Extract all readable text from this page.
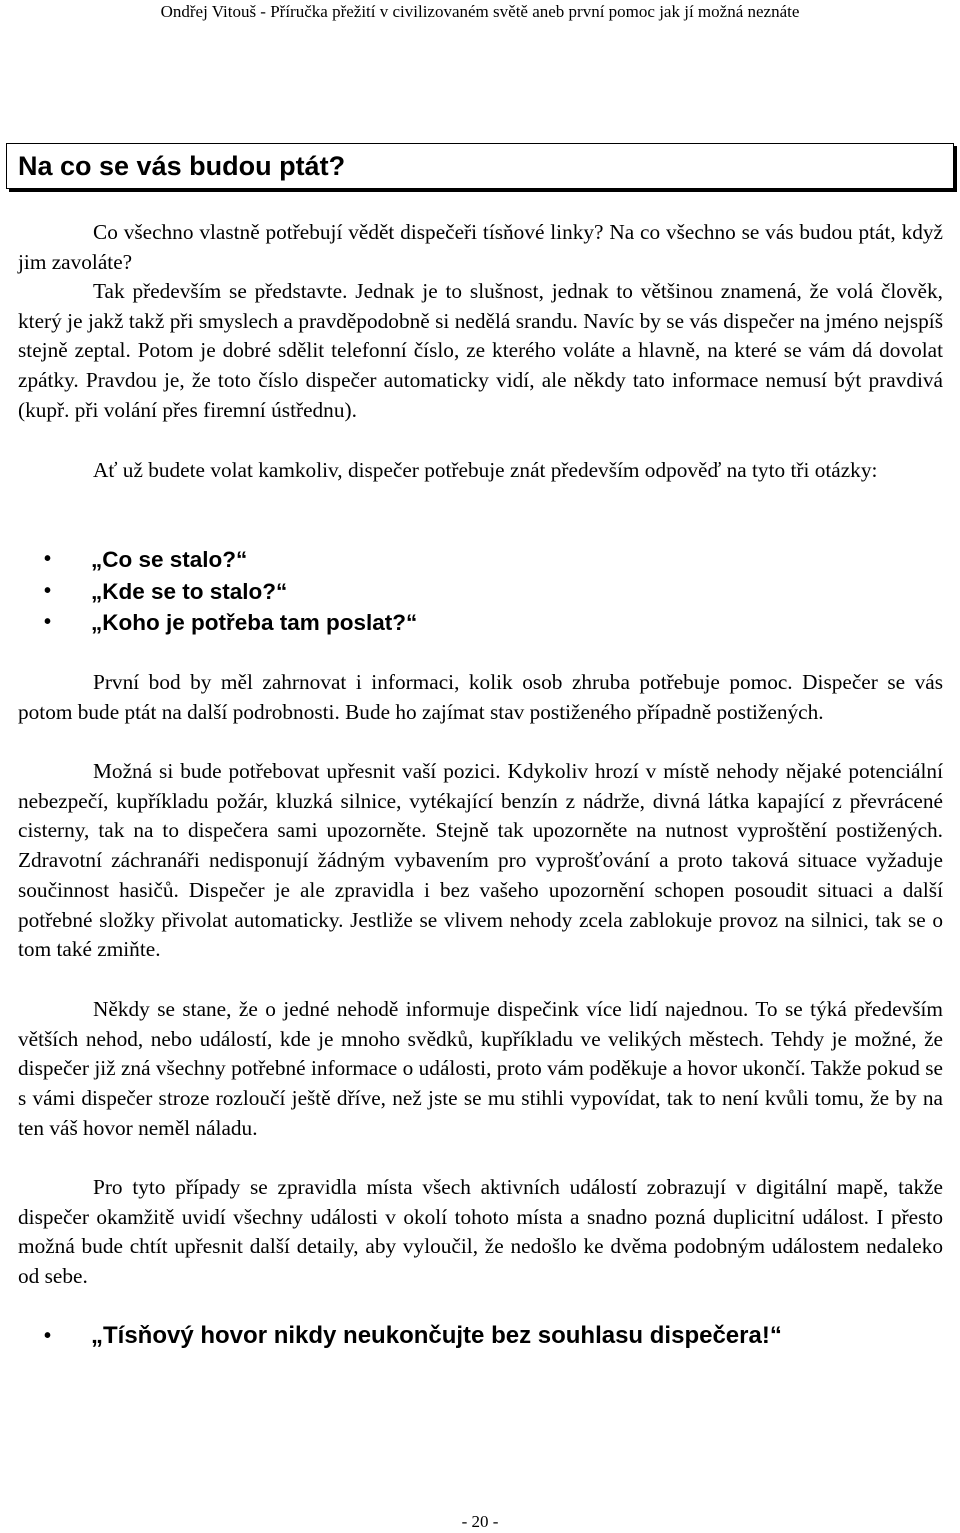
Ondřej Vitouš - Příručka přežití v civilizovaném světě aneb první pomoc jak jí možná neznáte
Na co se vás budou ptát?

Co všechno vlastně potřebují vědět dispečeři tísňové linky? Na co všechno se vás budou ptát, když jim zavoláte?

Tak především se představte. Jednak je to slušnost, jednak to většinou znamená, že volá člověk, který je jakž takž při smyslech a pravděpodobně si nedělá srandu. Navíc by se vás dispečer na jméno nejspíš stejně zeptal. Potom je dobré sdělit telefonní číslo, ze kterého voláte a hlavně, na které se vám dá dovolat zpátky. Pravdou je, že toto číslo dispečer automaticky vidí, ale někdy tato informace nemusí být pravdivá (kupř. při volání přes firemní ústřednu).

Ať už budete volat kamkoliv, dispečer potřebuje znát především odpověď na tyto tři otázky:

• „Co se stalo?“
• „Kde se to stalo?“
• „Koho je potřeba tam poslat?“

První bod by měl zahrnovat i informaci, kolik osob zhruba potřebuje pomoc. Dispečer se vás potom bude ptát na další podrobnosti. Bude ho zajímat stav postiženého případně postižených.

Možná si bude potřebovat upřesnit vaší pozici. Kdykoliv hrozí v místě nehody nějaké potenciální nebezpečí, kupříkladu požár, kluzká silnice, vytékající benzín z nádrže, divná látka kapající z převrácené cisterny, tak na to dispečera sami upozorněte. Stejně tak upozorněte na nutnost vyproštění postižených. Zdravotní záchranáři nedisponují žádným vybavením pro vyprošťování a proto taková situace vyžaduje součinnost hasičů. Dispečer je ale zpravidla i bez vašeho upozornění schopen posoudit situaci a další potřebné složky přivolat automaticky. Jestliže se vlivem nehody zcela zablokuje provoz na silnici, tak se o tom také zmiňte.

Někdy se stane, že o jedné nehodě informuje dispečink více lidí najednou. To se týká především větších nehod, nebo událostí, kde je mnoho svědků, kupříkladu ve velikých městech. Tehdy je možné, že dispečer již zná všechny potřebné informace o události, proto vám poděkuje a hovor ukončí. Takže pokud se s vámi dispečer stroze rozloučí ještě dříve, než jste se mu stihli vypovídat, tak to není kvůli tomu, že by na ten váš hovor neměl náladu.

Pro tyto případy se zpravidla místa všech aktivních událostí zobrazují v digitální mapě, takže dispečer okamžitě uvidí všechny události v okolí tohoto místa a snadno pozná duplicitní událost. I přesto možná bude chtít upřesnit další detaily, aby vyloučil, že nedošlo ke dvěma podobným událostem nedaleko od sebe.

• „Tísňový hovor nikdy neukončujte bez souhlasu dispečera!“
- 20 -
